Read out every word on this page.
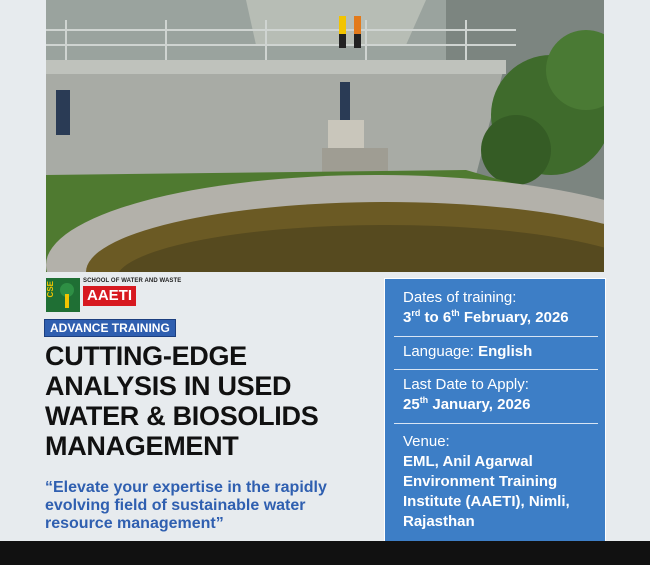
CSE	SCHOOL OF WATER AND WASTE
AAETI
ADVANCE TRAINING
CUTTING-EDGE
ANALYSIS IN USED
WATER & BIOSOLIDS
MANAGEMENT
“Elevate your expertise in the rapidly evolving field of sustainable water resource management”
Dates of training:
3rd to 6th February, 2026
Language: English
Last Date to Apply:
25th January, 2026
Venue:
EML, Anil Agarwal Environment Training Institute (AAETI), Nimli, Rajasthan
